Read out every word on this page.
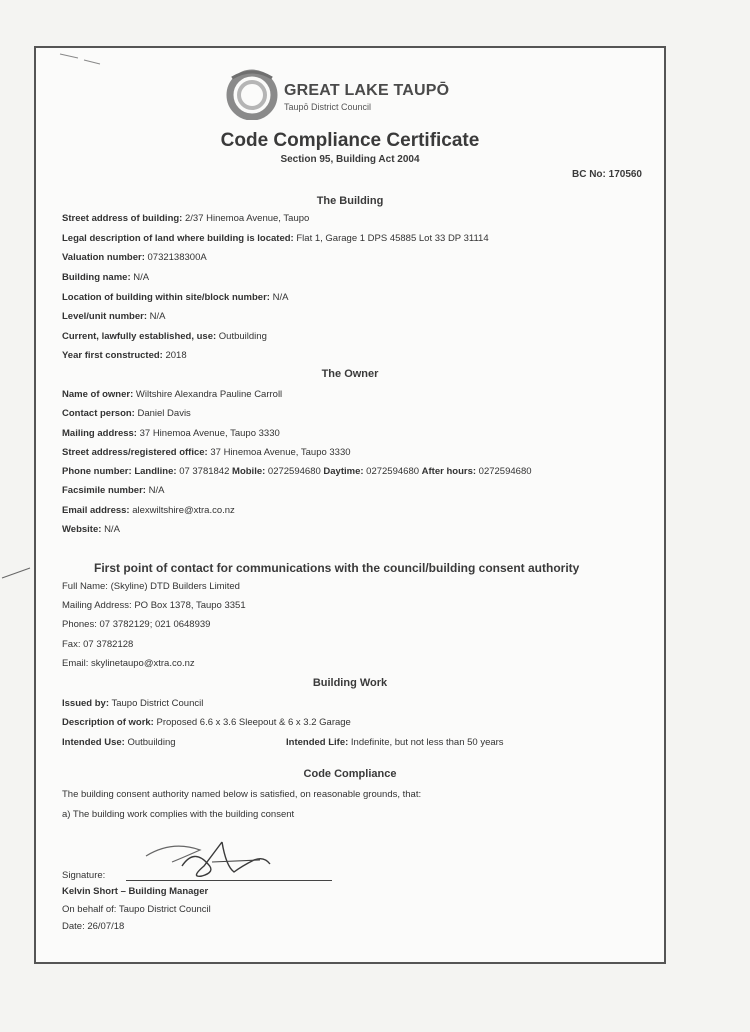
GREAT LAKE TAUPŌ
Taupō District Council
Code Compliance Certificate
Section 95, Building Act 2004
BC No: 170560
The Building
Street address of building: 2/37 Hinemoa Avenue, Taupo
Legal description of land where building is located: Flat 1, Garage 1 DPS 45885 Lot 33 DP 31114
Valuation number: 0732138300A
Building name: N/A
Location of building within site/block number: N/A
Level/unit number: N/A
Current, lawfully established, use: Outbuilding
Year first constructed: 2018
The Owner
Name of owner: Wiltshire Alexandra Pauline Carroll
Contact person: Daniel Davis
Mailing address: 37 Hinemoa Avenue, Taupo 3330
Street address/registered office: 37 Hinemoa Avenue, Taupo 3330
Phone number: Landline: 07 3781842 Mobile: 0272594680 Daytime: 0272594680 After hours: 0272594680
Facsimile number: N/A
Email address: alexwiltshire@xtra.co.nz
Website: N/A
First point of contact for communications with the council/building consent authority
Full Name: (Skyline) DTD Builders Limited
Mailing Address: PO Box 1378, Taupo 3351
Phones: 07 3782129; 021 0648939
Fax: 07 3782128
Email: skylinetaupo@xtra.co.nz
Building Work
Issued by: Taupo District Council
Description of work: Proposed 6.6 x 3.6 Sleepout & 6 x 3.2 Garage
Intended Use: Outbuilding	Intended Life: Indefinite, but not less than 50 years
Code Compliance
The building consent authority named below is satisfied, on reasonable grounds, that:
a) The building work complies with the building consent
Signature:
Kelvin Short – Building Manager
On behalf of: Taupo District Council
Date: 26/07/18
